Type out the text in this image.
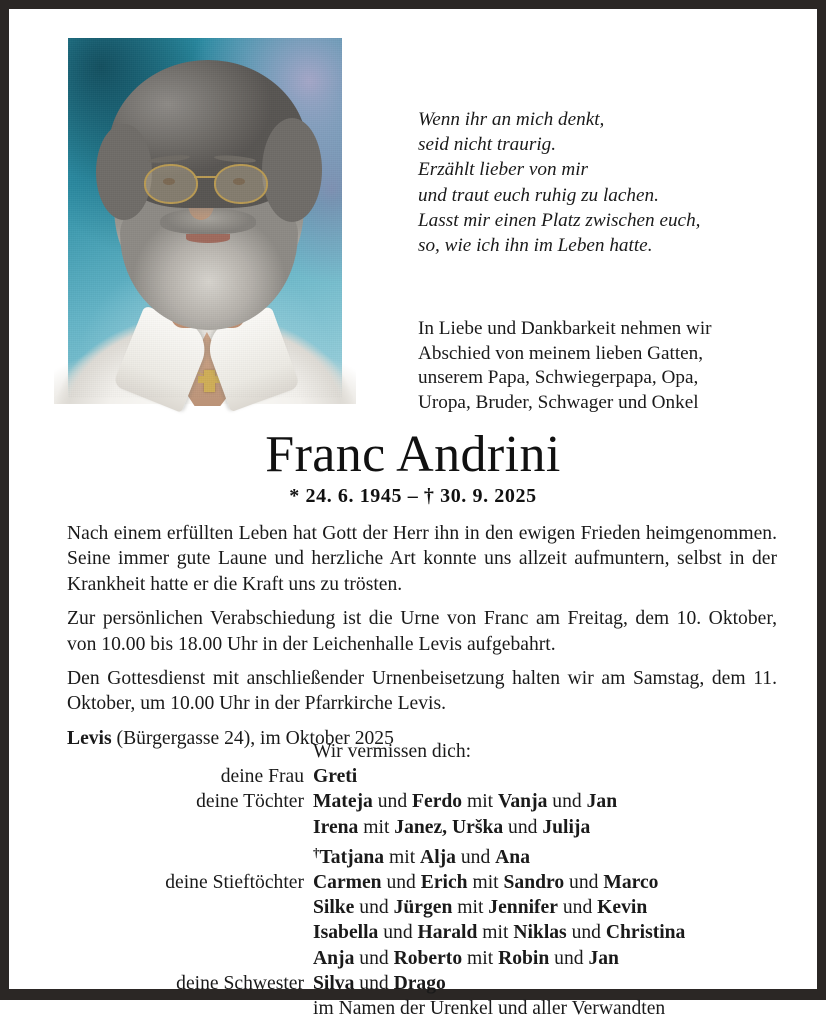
Wenn ihr an mich denkt,
seid nicht traurig.
Erzählt lieber von mir
und traut euch ruhig zu lachen.
Lasst mir einen Platz zwischen euch,
so, wie ich ihn im Leben hatte.
In Liebe und Dankbarkeit nehmen wir
Abschied von meinem lieben Gatten,
unserem Papa, Schwiegerpapa, Opa,
Uropa, Bruder, Schwager und Onkel
Franc Andrini
* 24. 6. 1945 – † 30. 9. 2025

Nach einem erfüllten Leben hat Gott der Herr ihn in den ewigen Frieden heimgenommen. Seine immer gute Laune und herzliche Art konnte uns allzeit aufmuntern, selbst in der Krankheit hatte er die Kraft uns zu trösten.

Zur persönlichen Verabschiedung ist die Urne von Franc am Freitag, dem 10. Oktober, von 10.00 bis 18.00 Uhr in der Leichenhalle Levis aufgebahrt.

Den Gottesdienst mit anschließender Urnenbeisetzung halten wir am Samstag, dem 11. Oktober, um 10.00 Uhr in der Pfarrkirche Levis.

Levis (Bürgergasse 24), im Oktober 2025

Wir vermissen dich:
deine Frau Greti
deine Töchter Mateja und Ferdo mit Vanja und Jan
Irena mit Janez, Urška und Julija
†Tatjana mit Alja und Ana
deine Stieftöchter Carmen und Erich mit Sandro und Marco
Silke und Jürgen mit Jennifer und Kevin
Isabella und Harald mit Niklas und Christina
Anja und Roberto mit Robin und Jan
deine Schwester Silva und Drago
im Namen der Urenkel und aller Verwandten
